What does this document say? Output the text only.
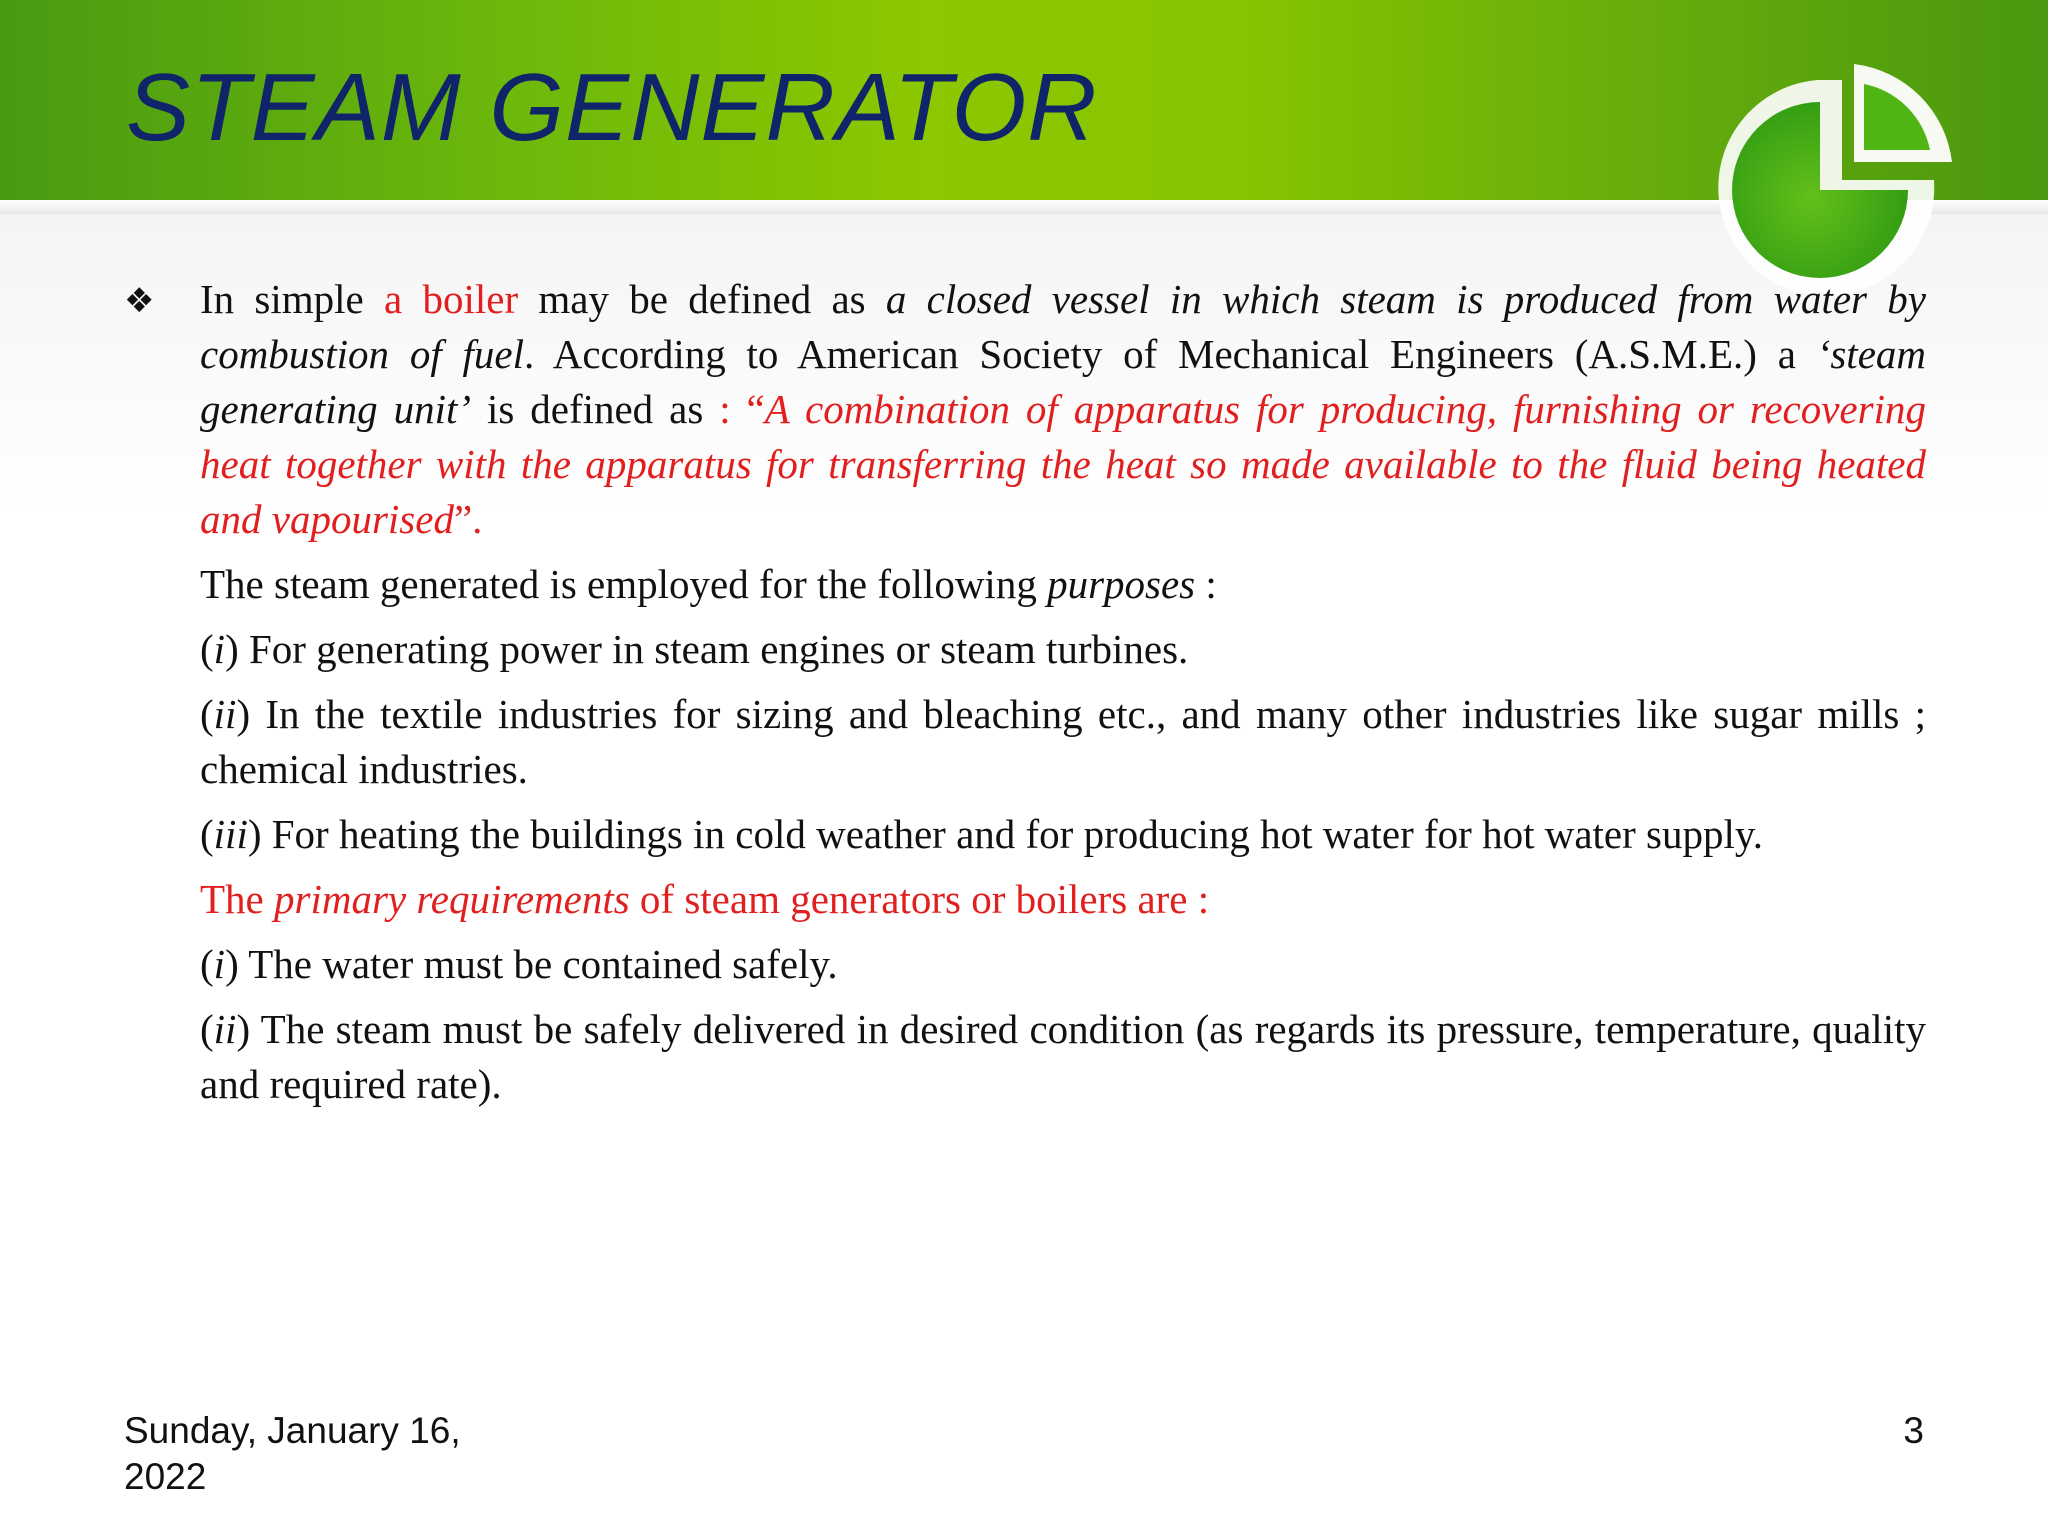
STEAM GENERATOR
❖ In simple a boiler may be defined as a closed vessel in which steam is produced from water by combustion of fuel. According to American Society of Mechanical Engineers (A.S.M.E.) a ‘steam generating unit’ is defined as : “A combination of apparatus for producing, furnishing or recovering heat together with the apparatus for transferring the heat so made available to the fluid being heated and vapourised”.

The steam generated is employed for the following purposes :

(i) For generating power in steam engines or steam turbines.

(ii) In the textile industries for sizing and bleaching etc., and many other industries like sugar mills ; chemical industries.

(iii) For heating the buildings in cold weather and for producing hot water for hot water supply.

The primary requirements of steam generators or boilers are :

(i) The water must be contained safely.

(ii) The steam must be safely delivered in desired condition (as regards its pressure, temperature, quality and required rate).

Sunday, January 16, 2022
3
